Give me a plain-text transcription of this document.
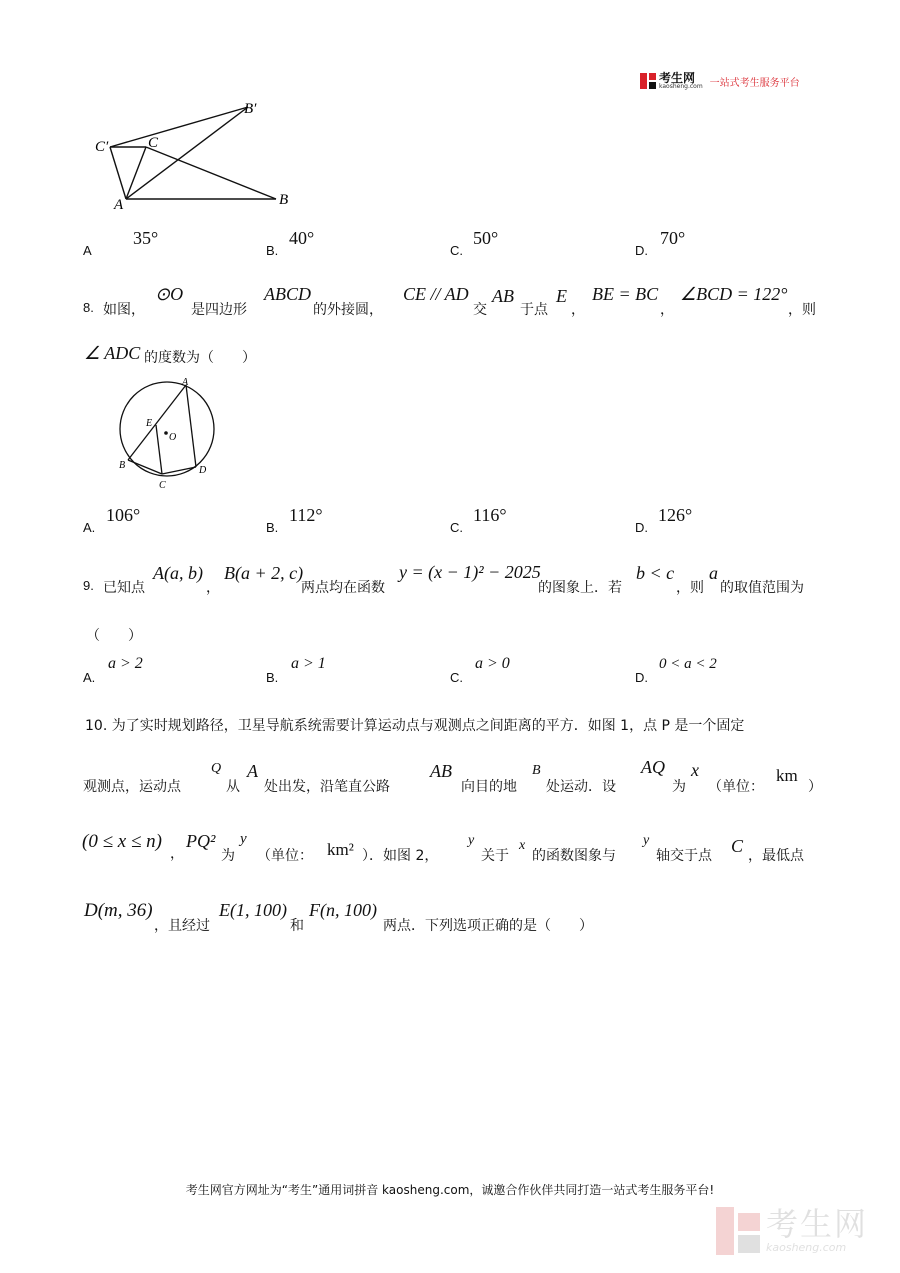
考生网
kaosheng.com 一站式考生服务平台
B′
C′	C
A	B
A
35°
B.
40°
C.
50°
D.
70°
8. 如图，
⊙O
是四边形
ABCD
的外接圆，
CE // AD
交
AB
于点
E
，
BE = BC
，
∠BCD = 122°
，则
∠ ADC 的度数为（　　）
A
E
O
B
C
D
A.
106°
B.
112°
C.
116°
D.
126°
9. 已知点
A(a, b)
，
B(a + 2, c)
两点均在函数
y = (x − 1)² − 2025
的图象上．若
b < c
，则
a
的取值范围为
（　　）
A.
a > 2
B.
a > 1
C.
a > 0
D.
0 < a < 2
10. 为了实时规划路径，卫星导航系统需要计算运动点与观测点之间距离的平方．如图 1，点 P 是一个固定
观测点，运动点
Q
从
A
处出发，沿笔直公路
AB
向目的地
B
处运动．设
AQ
为
x
（单位：
km
）
(0 ≤ x ≤ n)
，
PQ²
为
y
（单位： km² ）．如图 2，
y
关于
x
的函数图象与
y
轴交于点 C ，最低点
D(m, 36)
，且经过
E(1, 100)
和
F(n, 100)
两点．下列选项正确的是（　　）
考生网官方网址为“考生”通用词拼音 kaosheng.com，诚邀合作伙伴共同打造一站式考生服务平台!
考生网
kaosheng.com
